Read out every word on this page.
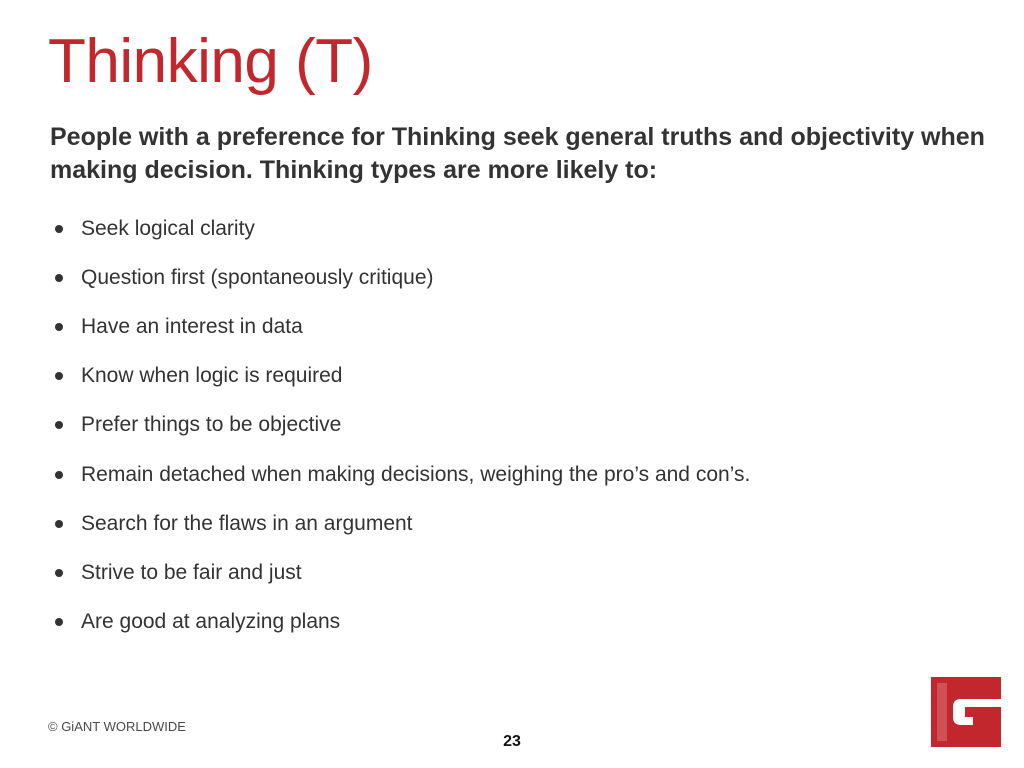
Thinking (T)

People with a preference for Thinking seek general truths and objectivity when making decision. Thinking types are more likely to:

Seek logical clarity
Question first (spontaneously critique)
Have an interest in data
Know when logic is required
Prefer things to be objective
Remain detached when making decisions, weighing the pro’s and con’s.
Search for the flaws in an argument
Strive to be fair and just
Are good at analyzing plans
© GiANT WORLDWIDE
23
